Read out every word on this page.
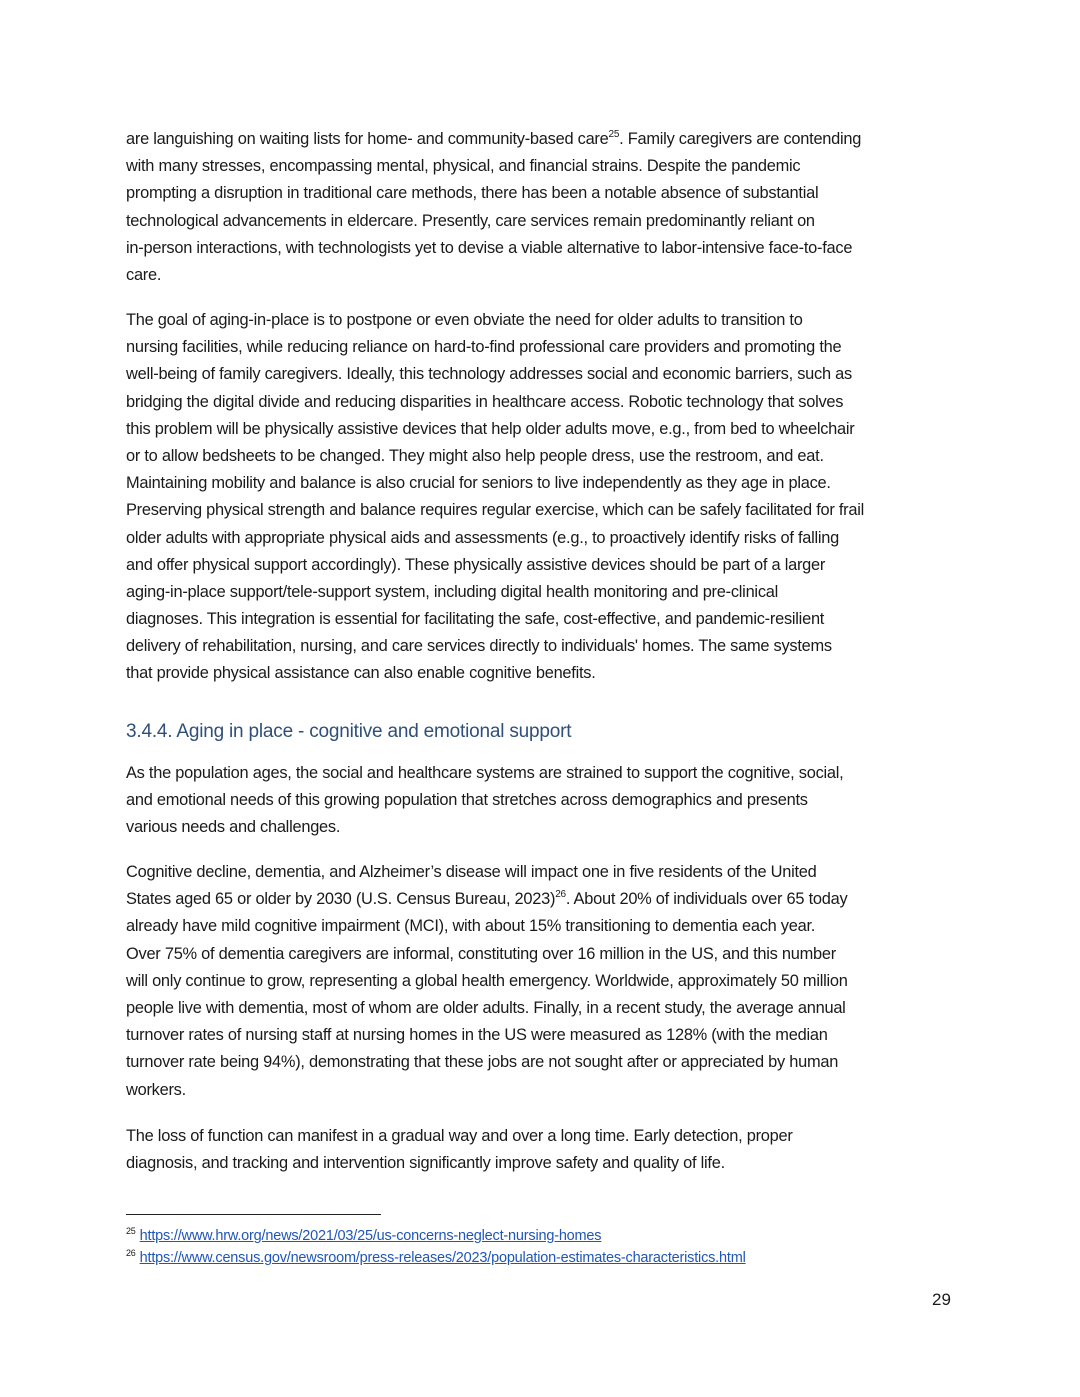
are languishing on waiting lists for home- and community-based care$^{25}$. Family caregivers are contending
with many stresses, encompassing mental, physical, and financial strains. Despite the pandemic
prompting a disruption in traditional care methods, there has been a notable absence of substantial
technological advancements in eldercare. Presently, care services remain predominantly reliant on
in-person interactions, with technologists yet to devise a viable alternative to labor-intensive face-to-face
care.
The goal of aging-in-place is to postpone or even obviate the need for older adults to transition to
nursing facilities, while reducing reliance on hard-to-find professional care providers and promoting the
well-being of family caregivers. Ideally, this technology addresses social and economic barriers, such as
bridging the digital divide and reducing disparities in healthcare access. Robotic technology that solves
this problem will be physically assistive devices that help older adults move, e.g., from bed to wheelchair
or to allow bedsheets to be changed. They might also help people dress, use the restroom, and eat.
Maintaining mobility and balance is also crucial for seniors to live independently as they age in place.
Preserving physical strength and balance requires regular exercise, which can be safely facilitated for frail
older adults with appropriate physical aids and assessments (e.g., to proactively identify risks of falling
and offer physical support accordingly). These physically assistive devices should be part of a larger
aging-in-place support/tele-support system, including digital health monitoring and pre-clinical
diagnoses. This integration is essential for facilitating the safe, cost-effective, and pandemic-resilient
delivery of rehabilitation, nursing, and care services directly to individuals' homes. The same systems
that provide physical assistance can also enable cognitive benefits.
3.4.4. Aging in place - cognitive and emotional support
As the population ages, the social and healthcare systems are strained to support the cognitive, social,
and emotional needs of this growing population that stretches across demographics and presents
various needs and challenges.
Cognitive decline, dementia, and Alzheimer’s disease will impact one in five residents of the United
States aged 65 or older by 2030 (U.S. Census Bureau, 2023)$^{26}$. About 20% of individuals over 65 today
already have mild cognitive impairment (MCI), with about 15% transitioning to dementia each year.
Over 75% of dementia caregivers are informal, constituting over 16 million in the US, and this number
will only continue to grow, representing a global health emergency. Worldwide, approximately 50 million
people live with dementia, most of whom are older adults. Finally, in a recent study, the average annual
turnover rates of nursing staff at nursing homes in the US were measured as 128% (with the median
turnover rate being 94%), demonstrating that these jobs are not sought after or appreciated by human
workers.
The loss of function can manifest in a gradual way and over a long time. Early detection, proper
diagnosis, and tracking and intervention significantly improve safety and quality of life.
$^{25}$ https://www.hrw.org/news/2021/03/25/us-concerns-neglect-nursing-homes
$^{26}$ https://www.census.gov/newsroom/press-releases/2023/population-estimates-characteristics.html
29
